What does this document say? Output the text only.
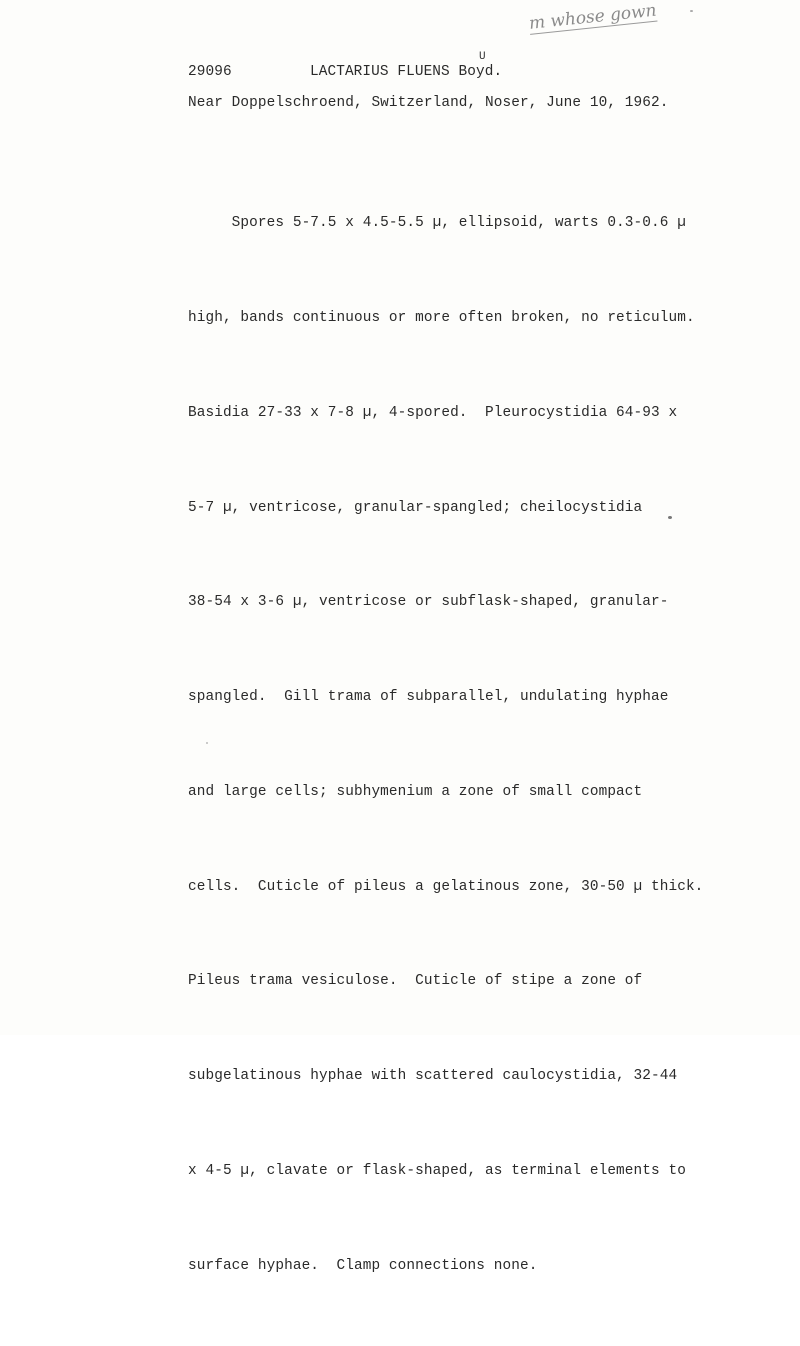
m whose gown
U
29096	LACTARIUS FLUENS Boyd.
Near Doppelschroend, Switzerland, Noser, June 10, 1962.

Spores 5-7.5 x 4.5-5.5 µ, ellipsoid, warts 0.3-0.6 µ

high, bands continuous or more often broken, no reticulum.

Basidia 27-33 x 7-8 µ, 4-spored.  Pleurocystidia 64-93 x

5-7 µ, ventricose, granular-spangled; cheilocystidia

38-54 x 3-6 µ, ventricose or subflask-shaped, granular-

spangled.  Gill trama of subparallel, undulating hyphae

and large cells; subhymenium a zone of small compact

cells.  Cuticle of pileus a gelatinous zone, 30-50 µ thick.

Pileus trama vesiculose.  Cuticle of stipe a zone of

subgelatinous hyphae with scattered caulocystidia, 32-44

x 4-5 µ, clavate or flask-shaped, as terminal elements to

surface hyphae.  Clamp connections none.
